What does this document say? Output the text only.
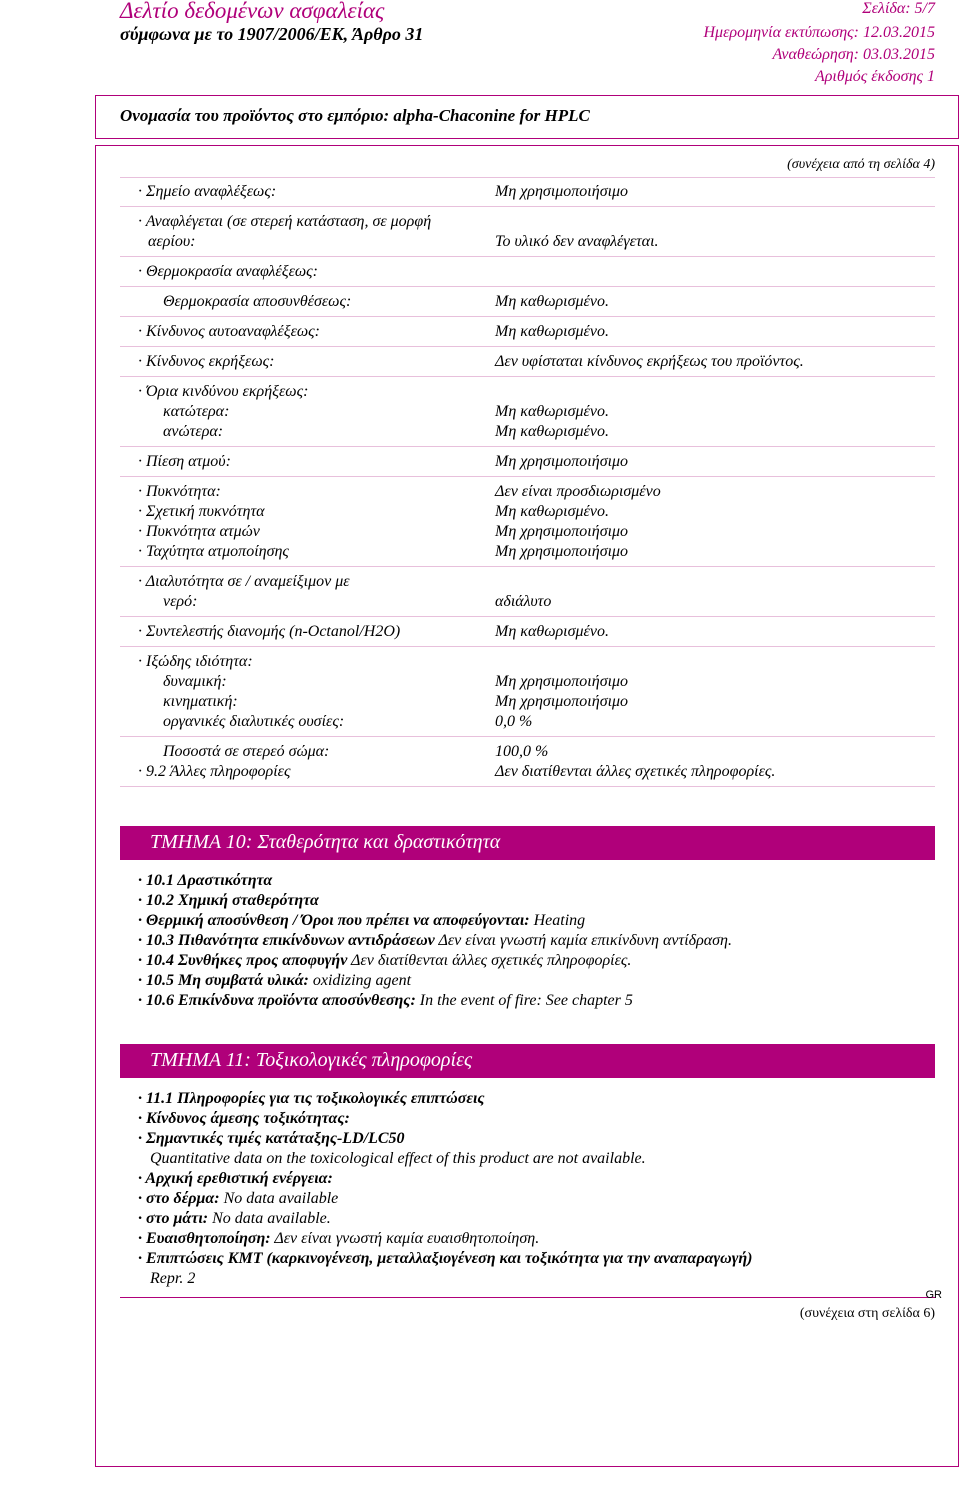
Δελτίο δεδομένων ασφαλείας
σύμφωνα με το 1907/2006/ΕΚ, Άρθρο 31
Σελίδα: 5/7
Ημερομηνία εκτύπωσης: 12.03.2015
Αναθεώρηση: 03.03.2015
Αριθμός έκδοσης 1
Ονομασία του προϊόντος στο εμπόριο: alpha-Chaconine for HPLC
(συνέχεια από τη σελίδα 4)
· Σημείο αναφλέξεως:	Μη χρησιμοποιήσιμο
· Αναφλέγεται (σε στερεή κατάσταση, σε μορφή
αερίου:	Το υλικό δεν αναφλέγεται.
· Θερμοκρασία αναφλέξεως:
Θερμοκρασία αποσυνθέσεως:	Μη καθωρισμένο.
· Κίνδυνος αυτοαναφλέξεως:	Μη καθωρισμένο.
· Κίνδυνος εκρήξεως:	Δεν υφίσταται κίνδυνος εκρήξεως του προϊόντος.
· Όρια κινδύνου εκρήξεως:
κατώτερα:	Μη καθωρισμένο.
ανώτερα:	Μη καθωρισμένο.
· Πίεση ατμού:	Μη χρησιμοποιήσιμο
· Πυκνότητα:	Δεν είναι προσδιωρισμένο
· Σχετική πυκνότητα	Μη καθωρισμένο.
· Πυκνότητα ατμών	Μη χρησιμοποιήσιμο
· Ταχύτητα ατμοποίησης	Μη χρησιμοποιήσιμο
· Διαλυτότητα σε / αναμείξιμον με
νερό:	αδιάλυτο
· Συντελεστής διανομής (n-Octanol/H2O)	Μη καθωρισμένο.
· Ιξώδης ιδιότητα:
δυναμική:	Μη χρησιμοποιήσιμο
κινηματική:	Μη χρησιμοποιήσιμο
οργανικές διαλυτικές ουσίες:	0,0 %
Ποσοστά σε στερεό σώμα:	100,0 %
· 9.2 Άλλες πληροφορίες	Δεν διατίθενται άλλες σχετικές πληροφορίες.
ΤΜΗΜΑ 10: Σταθερότητα και δραστικότητα
· 10.1 Δραστικότητα
· 10.2 Χημική σταθερότητα
· Θερμική αποσύνθεση / Όροι που πρέπει να αποφεύγονται: Heating
· 10.3 Πιθανότητα επικίνδυνων αντιδράσεων Δεν είναι γνωστή καμία επικίνδυνη αντίδραση.
· 10.4 Συνθήκες προς αποφυγήν Δεν διατίθενται άλλες σχετικές πληροφορίες.
· 10.5 Μη συμβατά υλικά: oxidizing agent
· 10.6 Επικίνδυνα προϊόντα αποσύνθεσης: In the event of fire: See chapter 5
ΤΜΗΜΑ 11: Τοξικολογικές πληροφορίες
· 11.1 Πληροφορίες για τις τοξικολογικές επιπτώσεις
· Κίνδυνος άμεσης τοξικότητας:
· Σημαντικές τιμές κατάταξης-LD/LC50
Quantitative data on the toxicological effect of this product are not available.
· Αρχική ερεθιστική ενέργεια:
· στο δέρμα: No data available
· στο μάτι: No data available.
· Ευαισθητοποίηση: Δεν είναι γνωστή καμία ευαισθητοποίηση.
· Επιπτώσεις ΚΜΤ (καρκινογένεση, μεταλλαξιογένεση και τοξικότητα για την αναπαραγωγή)
Repr. 2
GR
(συνέχεια στη σελίδα 6)
